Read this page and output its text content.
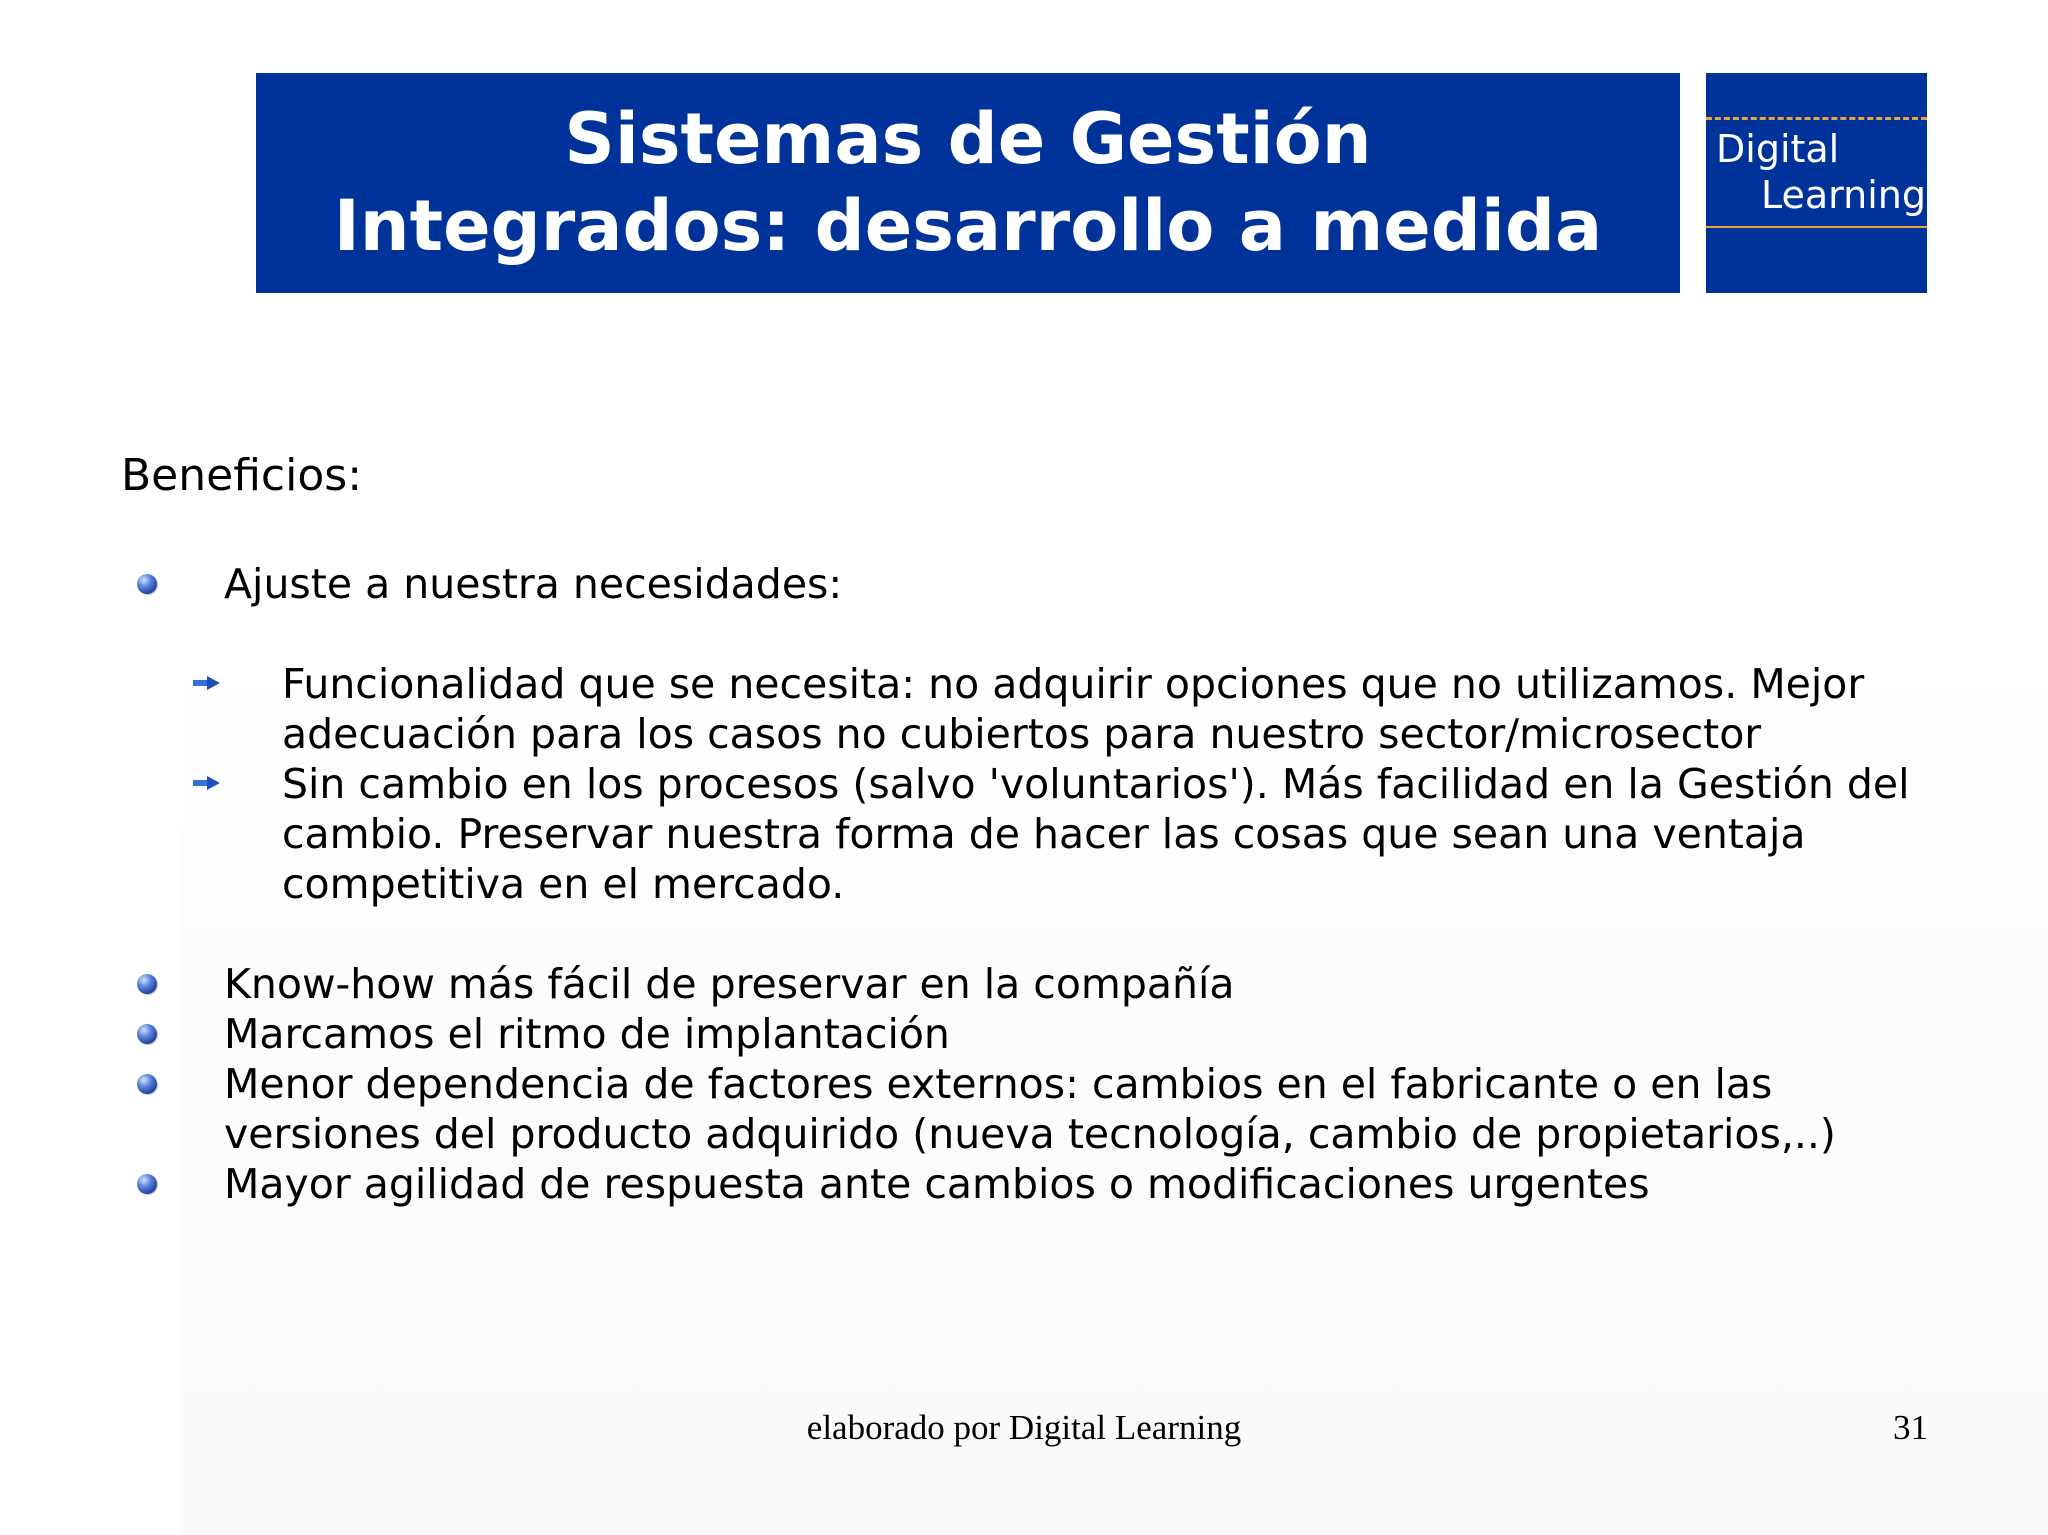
Sistemas de Gestión
Integrados: desarrollo a medida
Digital
Learning
Beneficios:
Ajuste a nuestra necesidades:
Funcionalidad que se necesita: no adquirir opciones que no utilizamos. Mejor
adecuación para los casos no cubiertos para nuestro sector/microsector
Sin cambio en los procesos (salvo 'voluntarios'). Más facilidad en la Gestión del
cambio. Preservar nuestra forma de hacer las cosas que sean una ventaja
competitiva en el mercado.
Know-how más fácil de preservar en la compañía
Marcamos el ritmo de implantación
Menor dependencia de factores externos: cambios en el fabricante o en las
versiones del producto adquirido (nueva tecnología, cambio de propietarios,..)
Mayor agilidad de respuesta ante cambios o modificaciones urgentes
elaborado por Digital Learning	31
